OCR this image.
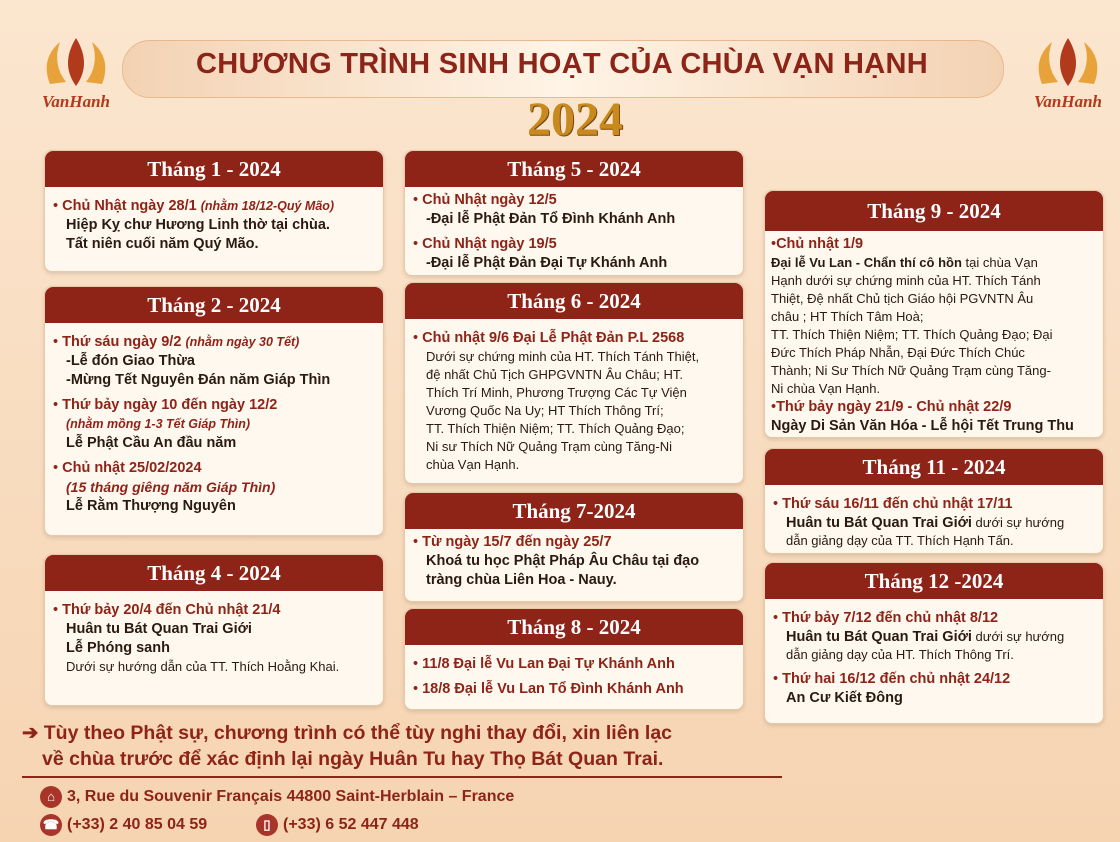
VanHanh	VanHanh
CHƯƠNG TRÌNH SINH HOẠT CỦA CHÙA VẠN HẠNH
2024
Tháng 1 - 2024
• Chủ Nhật ngày 28/1 (nhằm 18/12-Quý Mão)
Hiệp Kỵ chư Hương Linh thờ tại chùa.
Tất niên cuối năm Quý Mão.
Tháng 2 - 2024
• Thứ sáu ngày 9/2 (nhằm ngày 30 Tết)
-Lễ đón Giao Thừa
-Mừng Tết Nguyên Đán năm Giáp Thìn
• Thứ bảy ngày 10 đến ngày 12/2
(nhằm mồng 1-3 Tết Giáp Thìn)
Lễ Phật Cầu An đầu năm
• Chủ nhật 25/02/2024
(15 tháng giêng năm Giáp Thìn)
Lễ Rằm Thượng Nguyên
Tháng 4 - 2024
• Thứ bảy 20/4 đến Chủ nhật 21/4
Huân tu Bát Quan Trai Giới
Lễ Phóng sanh
Dưới sự hướng dẫn của TT. Thích Hoằng Khai.
Tháng 5 - 2024
• Chủ Nhật ngày 12/5
-Đại lễ Phật Đản Tổ Đình Khánh Anh
• Chủ Nhật ngày 19/5
-Đại lễ Phật Đản Đại Tự Khánh Anh
Tháng 6 - 2024
• Chủ nhật 9/6 Đại Lễ Phật Đản P.L 2568
Dưới sự chứng minh của HT. Thích Tánh Thiệt,
đệ nhất Chủ Tịch GHPGVNTN Âu Châu; HT.
Thích Trí Minh, Phương Trượng Các Tự Viện
Vương Quốc Na Uy; HT Thích Thông Trí;
TT. Thích Thiện Niệm; TT. Thích Quảng Đạo;
Ni sư Thích Nữ Quảng Trạm cùng Tăng-Ni
chùa Vạn Hạnh.
Tháng 7-2024
• Từ ngày 15/7 đến ngày 25/7
Khoá tu học Phật Pháp Âu Châu tại đạo
tràng chùa Liên Hoa - Nauy.
Tháng 8 - 2024
• 11/8 Đại lễ Vu Lan Đại Tự Khánh Anh
• 18/8 Đại lễ Vu Lan Tổ Đình Khánh Anh
Tháng 9 - 2024
•Chủ nhật 1/9
Đại lễ Vu Lan - Chẩn thí cô hồn tại chùa Vạn
Hạnh dưới sự chứng minh của HT. Thích Tánh
Thiệt, Đệ nhất Chủ tịch Giáo hội PGVNTN Âu
châu ; HT Thích Tâm Hoà;
TT. Thích Thiện Niệm; TT. Thích Quảng Đạo; Đại
Đức Thích Pháp Nhẫn, Đại Đức Thích Chúc
Thành; Ni Sư Thích Nữ Quảng Trạm cùng Tăng-
Ni chùa Vạn Hạnh.
•Thứ bảy ngày 21/9 - Chủ nhật 22/9
Ngày Di Sản Văn Hóa - Lễ hội Tết Trung Thu
Tháng 11 - 2024
• Thứ sáu 16/11 đến chủ nhật 17/11
Huân tu Bát Quan Trai Giới dưới sự hướng
dẫn giảng dạy của TT. Thích Hạnh Tấn.
Tháng 12 -2024
• Thứ bảy 7/12 đến chủ nhật 8/12
Huân tu Bát Quan Trai Giới dưới sự hướng
dẫn giảng dạy của HT. Thích Thông Trí.
• Thứ hai 16/12 đến chủ nhật 24/12
An Cư Kiết Đông
➔ Tùy theo Phật sự, chương trình có thể tùy nghi thay đổi, xin liên lạc
về chùa trước để xác định lại ngày Huân Tu hay Thọ Bát Quan Trai.
⌂ 3, Rue du Souvenir Français 44800 Saint-Herblain – France
☎ (+33) 2 40 85 04 59	▯ (+33) 6 52 447 448
